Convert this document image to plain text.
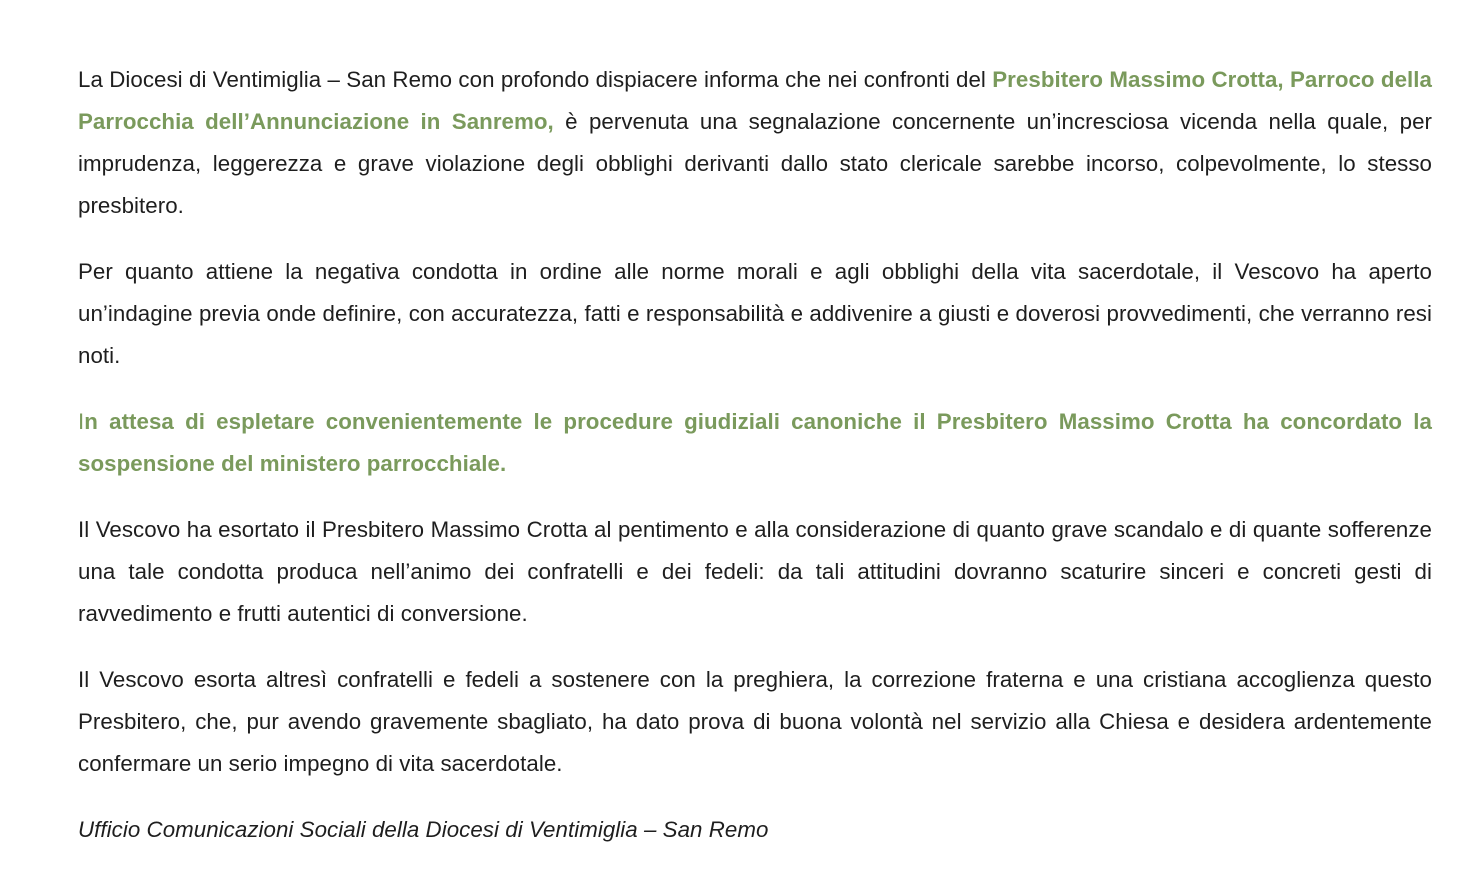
La Diocesi di Ventimiglia – San Remo con profondo dispiacere informa che nei confronti del Presbitero Massimo Crotta, Parroco della Parrocchia dell’Annunciazione in Sanremo, è pervenuta una segnalazione concernente un’incresciosa vicenda nella quale, per imprudenza, leggerezza e grave violazione degli obblighi derivanti dallo stato clericale sarebbe incorso, colpevolmente, lo stesso presbitero.

Per quanto attiene la negativa condotta in ordine alle norme morali e agli obblighi della vita sacerdotale, il Vescovo ha aperto un’indagine previa onde definire, con accuratezza, fatti e responsabilità e addivenire a giusti e doverosi provvedimenti, che verranno resi noti.

In attesa di espletare convenientemente le procedure giudiziali canoniche il Presbitero Massimo Crotta ha concordato la sospensione del ministero parrocchiale.

Il Vescovo ha esortato il Presbitero Massimo Crotta al pentimento e alla considerazione di quanto grave scandalo e di quante sofferenze una tale condotta produca nell’animo dei confratelli e dei fedeli: da tali attitudini dovranno scaturire sinceri e concreti gesti di ravvedimento e frutti autentici di conversione.

Il Vescovo esorta altresì confratelli e fedeli a sostenere con la preghiera, la correzione fraterna e una cristiana accoglienza questo Presbitero, che, pur avendo gravemente sbagliato, ha dato prova di buona volontà nel servizio alla Chiesa e desidera ardentemente confermare un serio impegno di vita sacerdotale.

Ufficio Comunicazioni Sociali della Diocesi di Ventimiglia – San Remo
